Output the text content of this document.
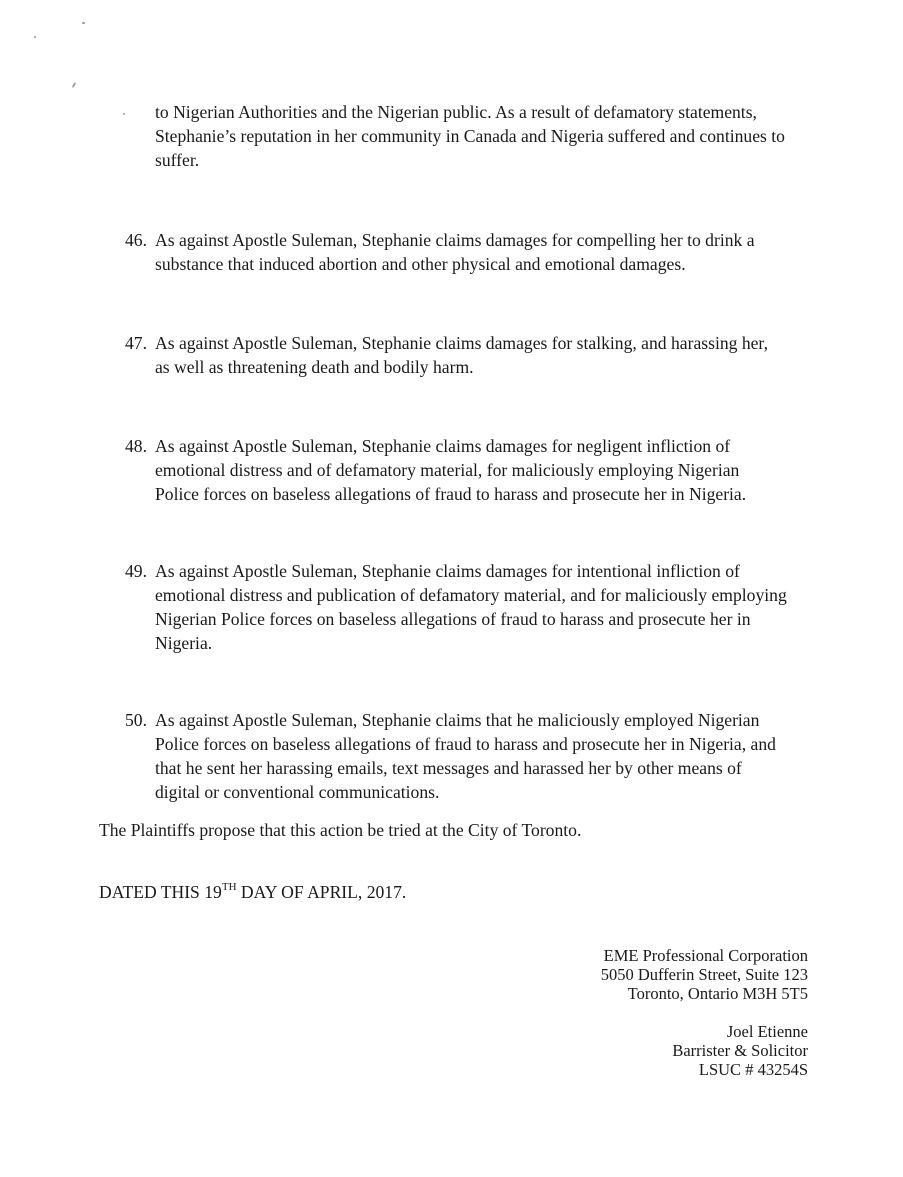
to Nigerian Authorities and the Nigerian public. As a result of defamatory statements,
Stephanie’s reputation in her community in Canada and Nigeria suffered and continues to
suffer.
46. As against Apostle Suleman, Stephanie claims damages for compelling her to drink a
substance that induced abortion and other physical and emotional damages.
47. As against Apostle Suleman, Stephanie claims damages for stalking, and harassing her,
as well as threatening death and bodily harm.
48. As against Apostle Suleman, Stephanie claims damages for negligent infliction of
emotional distress and of defamatory material, for maliciously employing Nigerian
Police forces on baseless allegations of fraud to harass and prosecute her in Nigeria.
49. As against Apostle Suleman, Stephanie claims damages for intentional infliction of
emotional distress and publication of defamatory material, and for maliciously employing
Nigerian Police forces on baseless allegations of fraud to harass and prosecute her in
Nigeria.
50. As against Apostle Suleman, Stephanie claims that he maliciously employed Nigerian
Police forces on baseless allegations of fraud to harass and prosecute her in Nigeria, and
that he sent her harassing emails, text messages and harassed her by other means of
digital or conventional communications.
The Plaintiffs propose that this action be tried at the City of Toronto.
DATED THIS 19TH DAY OF APRIL, 2017.
EME Professional Corporation
5050 Dufferin Street, Suite 123
Toronto, Ontario M3H 5T5
Joel Etienne
Barrister & Solicitor
LSUC # 43254S
